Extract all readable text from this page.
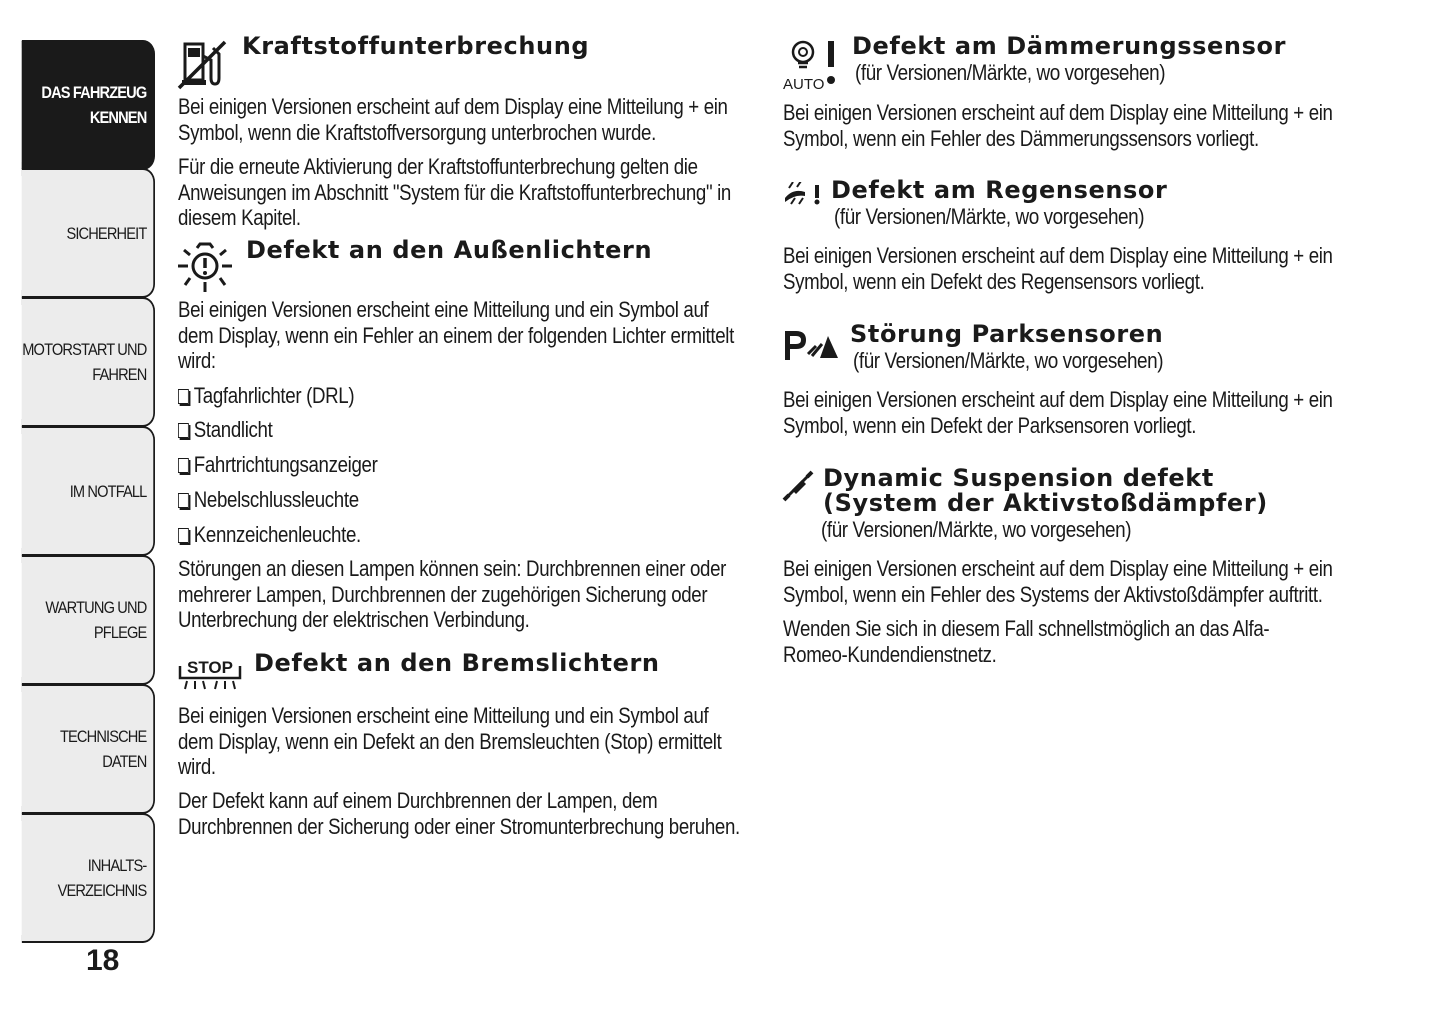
DAS FAHRZEUG
KENNEN
SICHERHEIT
MOTORSTART UND
FAHREN
IM NOTFALL
WARTUNG UND
PFLEGE
TECHNISCHE DATEN
INHALTS-
VERZEICHNIS
18
Kraftstoffunterbrechung
Bei einigen Versionen erscheint auf dem Display eine Mitteilung + ein
Symbol, wenn die Kraftstoffversorgung unterbrochen wurde.
Für die erneute Aktivierung der Kraftstoffunterbrechung gelten die
Anweisungen im Abschnitt "System für die Kraftstoffunterbrechung" in
diesem Kapitel.
Defekt an den Außenlichtern
Bei einigen Versionen erscheint eine Mitteilung und ein Symbol auf
dem Display, wenn ein Fehler an einem der folgenden Lichter ermittelt
wird:
Tagfahrlichter (DRL)
Standlicht
Fahrtrichtungsanzeiger
Nebelschlussleuchte
Kennzeichenleuchte.
Störungen an diesen Lampen können sein: Durchbrennen einer oder
mehrerer Lampen, Durchbrennen der zugehörigen Sicherung oder
Unterbrechung der elektrischen Verbindung.
STOP Defekt an den Bremslichtern
Bei einigen Versionen erscheint eine Mitteilung und ein Symbol auf
dem Display, wenn ein Defekt an den Bremsleuchten (Stop) ermittelt
wird.
Der Defekt kann auf einem Durchbrennen der Lampen, dem
Durchbrennen der Sicherung oder einer Stromunterbrechung beruhen.
AUTO
Defekt am Dämmerungssensor
(für Versionen/Märkte, wo vorgesehen)
Bei einigen Versionen erscheint auf dem Display eine Mitteilung + ein
Symbol, wenn ein Fehler des Dämmerungssensors vorliegt.
Defekt am Regensensor
(für Versionen/Märkte, wo vorgesehen)
Bei einigen Versionen erscheint auf dem Display eine Mitteilung + ein
Symbol, wenn ein Defekt des Regensensors vorliegt.
Störung Parksensoren
(für Versionen/Märkte, wo vorgesehen)
Bei einigen Versionen erscheint auf dem Display eine Mitteilung + ein
Symbol, wenn ein Defekt der Parksensoren vorliegt.
Dynamic Suspension defekt
(System der Aktivstoßdämpfer)
(für Versionen/Märkte, wo vorgesehen)
Bei einigen Versionen erscheint auf dem Display eine Mitteilung + ein
Symbol, wenn ein Fehler des Systems der Aktivstoßdämpfer auftritt.
Wenden Sie sich in diesem Fall schnellstmöglich an das Alfa-
Romeo-Kundendienstnetz.
